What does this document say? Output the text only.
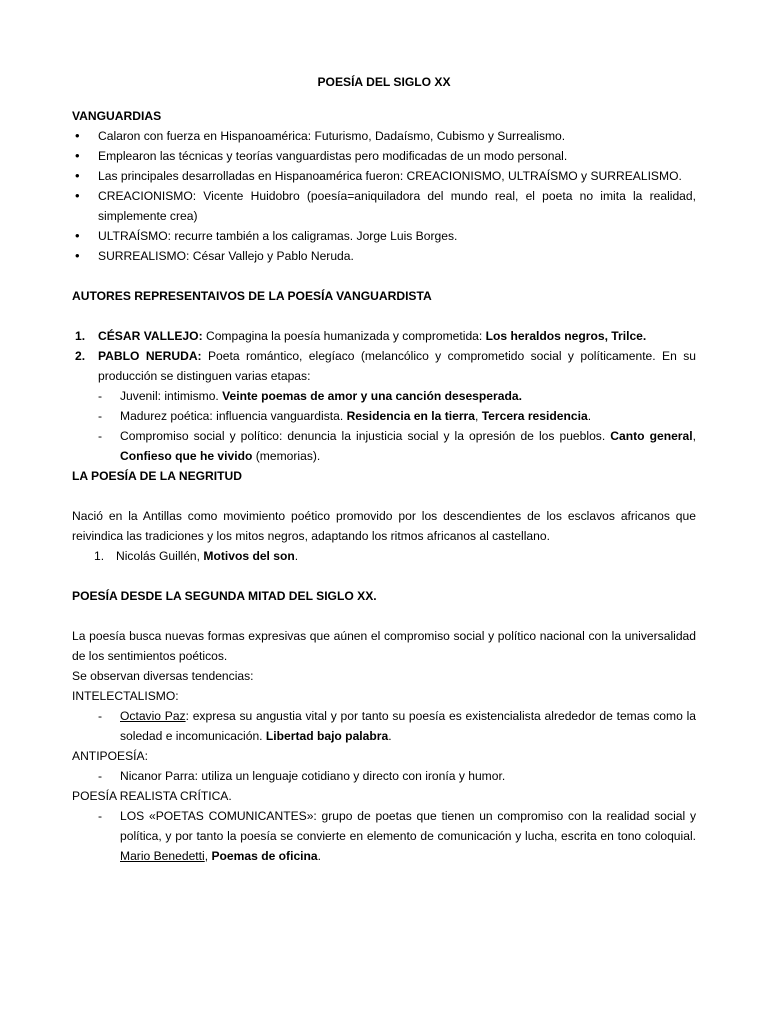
POESÍA DEL SIGLO XX

VANGUARDIAS

• Calaron con fuerza en Hispanoamérica: Futurismo, Dadaísmo, Cubismo y Surrealismo.
• Emplearon las técnicas y teorías vanguardistas pero modificadas de un modo personal.
• Las principales desarrolladas en Hispanoamérica fueron: CREACIONISMO, ULTRAÍSMO y SURREALISMO.
• CREACIONISMO: Vicente Huidobro (poesía=aniquiladora del mundo real, el poeta no imita la realidad, simplemente crea)
• ULTRAÍSMO: recurre también a los caligramas. Jorge Luis Borges.
• SURREALISMO: César Vallejo y Pablo Neruda.

AUTORES REPRESENTAIVOS DE LA POESÍA VANGUARDISTA

1. CÉSAR VALLEJO: Compagina la poesía humanizada y comprometida: Los heraldos negros, Trilce.
2. PABLO NERUDA: Poeta romántico, elegíaco (melancólico y comprometido social y políticamente. En su producción se distinguen varias etapas:
- Juvenil: intimismo. Veinte poemas de amor y una canción desesperada.
- Madurez poética: influencia vanguardista. Residencia en la tierra, Tercera residencia.
- Compromiso social y político: denuncia la injusticia social y la opresión de los pueblos. Canto general, Confieso que he vivido (memorias).

LA POESÍA DE LA NEGRITUD

Nació en la Antillas como movimiento poético promovido por los descendientes de los esclavos africanos que reivindica las tradiciones y los mitos negros, adaptando los ritmos africanos al castellano.

1. Nicolás Guillén, Motivos del son.

POESÍA DESDE LA SEGUNDA MITAD DEL SIGLO XX.

La poesía busca nuevas formas expresivas que aúnen el compromiso social y político nacional con la universalidad de los sentimientos poéticos.

Se observan diversas tendencias:

INTELECTALISMO:

- Octavio Paz: expresa su angustia vital y por tanto su poesía es existencialista alrededor de temas como la soledad e incomunicación. Libertad bajo palabra.

ANTIPOESÍA:

- Nicanor Parra: utiliza un lenguaje cotidiano y directo con ironía y humor.

POESÍA REALISTA CRÍTICA.

- LOS «POETAS COMUNICANTES»: grupo de poetas que tienen un compromiso con la realidad social y política, y por tanto la poesía se convierte en elemento de comunicación y lucha, escrita en tono coloquial. Mario Benedetti, Poemas de oficina.
